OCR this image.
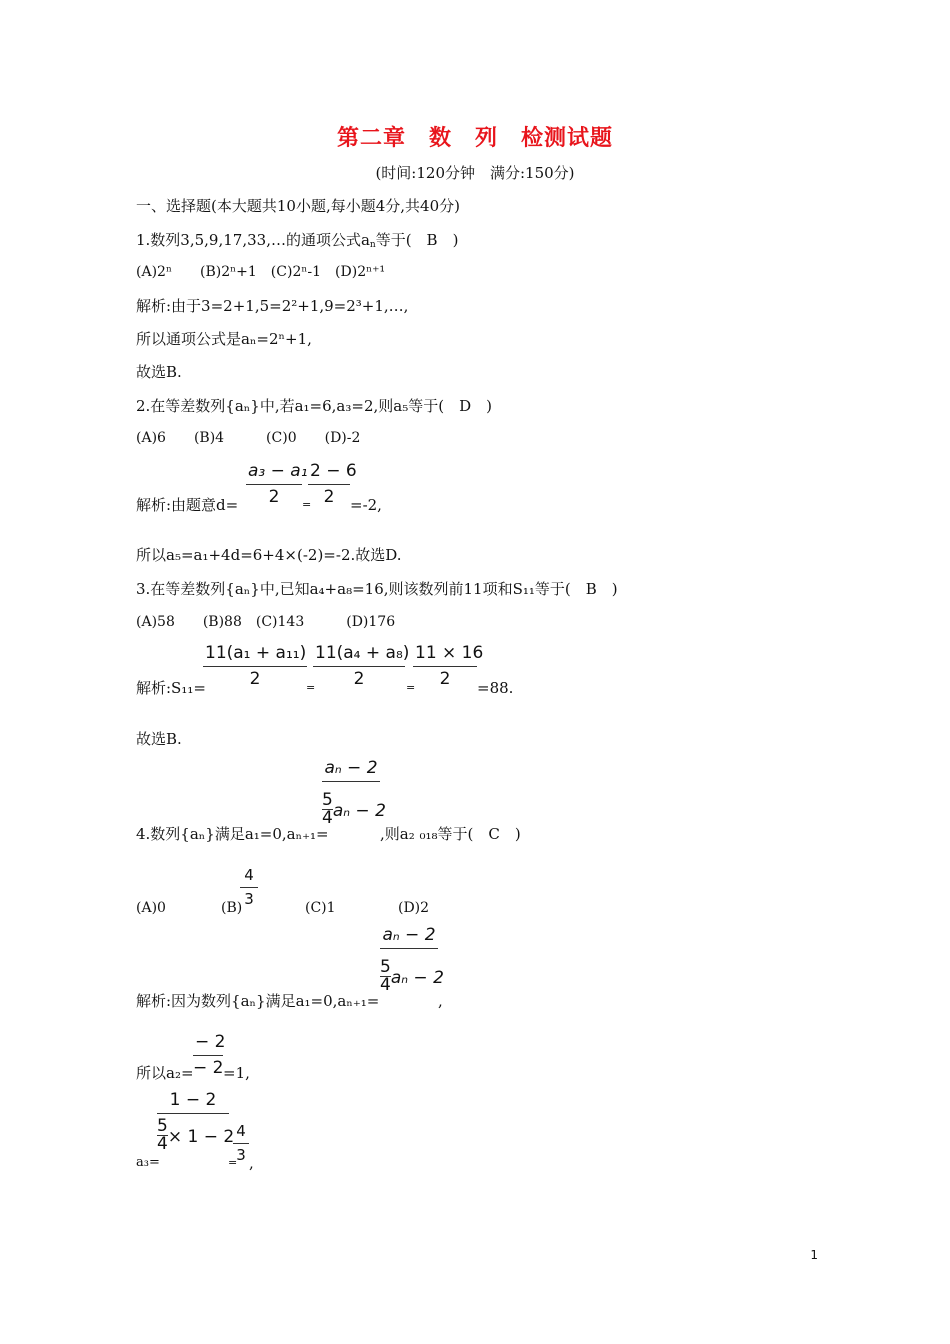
第二章　数　列　检测试题
(时间:120分钟　满分:150分)
一、选择题(本大题共10小题,每小题4分,共40分)
1.数列3,5,9,17,33,…的通项公式$a_n$等于(　B　)
(A)2ⁿ　　(B)2ⁿ+1　(C)2ⁿ-1　(D)2ⁿ⁺¹
解析:由于3=2+1,5=2²+1,9=2³+1,…,
所以通项公式是aₙ=2ⁿ+1,
故选B.
2.在等差数列{aₙ}中,若a₁=6,a₃=2,则a₅等于(　D　)
(A)6　　(B)4　　　(C)0　　(D)-2
解析:由题意$d= \frac{\text{a₃ − a₁}}{2}$ =
$\frac{2 - 6}{2} =-2$,
所以a₅=a₁+4d=6+4×(-2)=-2.故选D.
3.在等差数列{aₙ}中,已知a₄+a₈=16,则该数列前11项和S₁₁等于(　B　)
(A)58　　(B)88　(C)143　　　(D)176
解析:S₁₁=
$\frac{\text{11(a₁ + a₁₁)}}{2}$ =
$\frac{\text{11(a₄ + a₈)}}{2}$ =
$\frac{11 \times 16}{2} =88$.
故选B.
4.数列{aₙ}满足a₁=0,aₙ₊₁=
aₙ − 2
5
4 aₙ − 2
,则a₂ ₀₁₈等于(　C　)
(A)0	(B)
$\frac{4}{3}$	(C)1	(D)2
解析:因为数列{aₙ}满足a₁=0,aₙ₊₁=
aₙ − 2
5
4 aₙ − 2
,
所以$a_2= \frac{- 2}{- 2} =1$,
a₃=
1 − 2
5
4 × 1 − 2
=
$\frac{4}{3}$ ,
1
